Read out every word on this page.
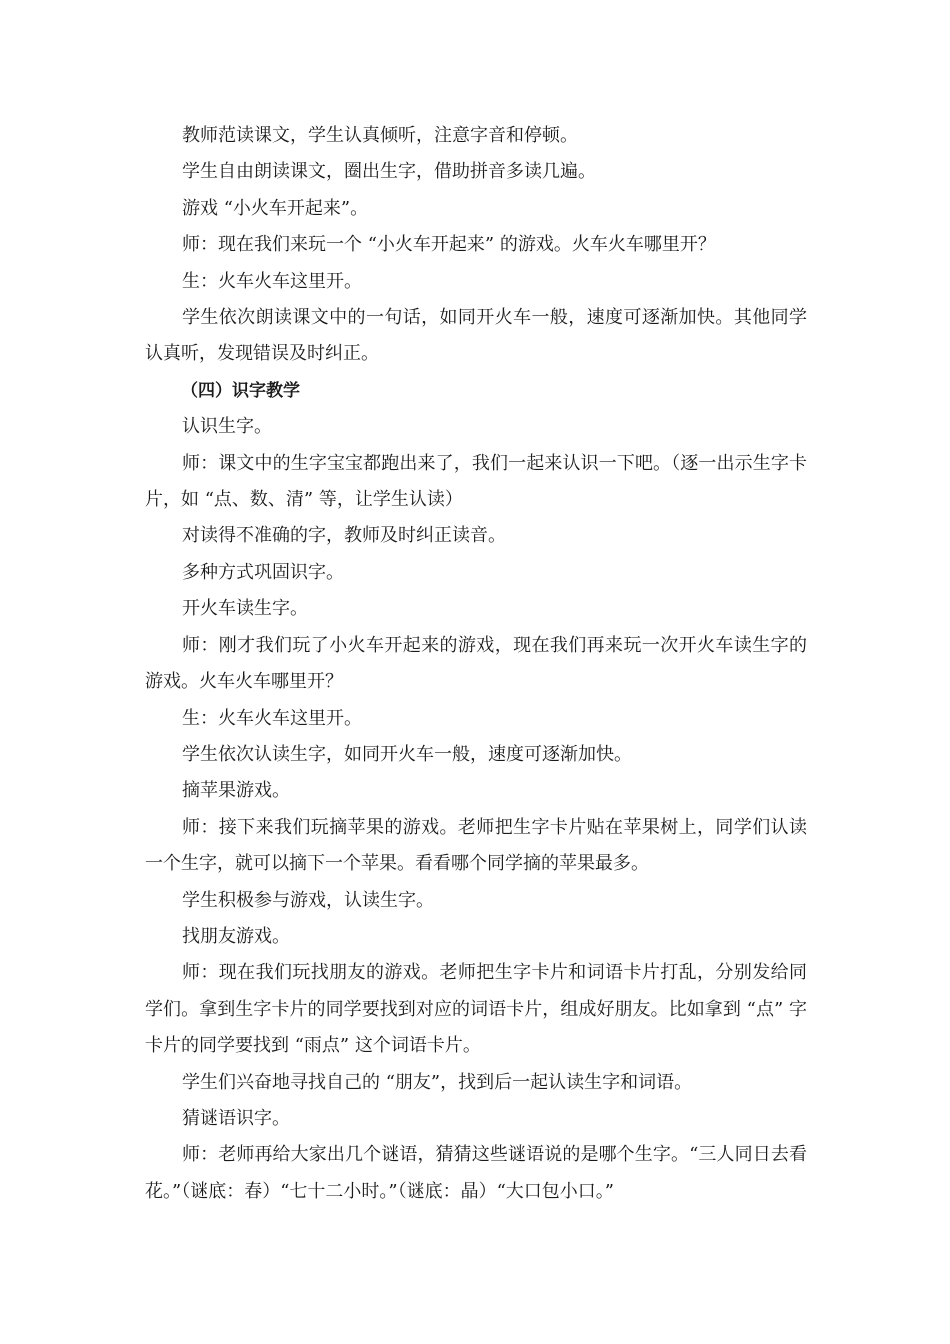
教师范读课文，学生认真倾听，注意字音和停顿。

学生自由朗读课文，圈出生字，借助拼音多读几遍。

游戏 “小火车开起来”。

师：现在我们来玩一个 “小火车开起来” 的游戏。火车火车哪里开？

生：火车火车这里开。

学生依次朗读课文中的一句话，如同开火车一般，速度可逐渐加快。其他同学认真听，发现错误及时纠正。

（四）识字教学

认识生字。

师：课文中的生字宝宝都跑出来了，我们一起来认识一下吧。（逐一出示生字卡片，如 “点、数、清” 等，让学生认读）

对读得不准确的字，教师及时纠正读音。

多种方式巩固识字。

开火车读生字。

师：刚才我们玩了小火车开起来的游戏，现在我们再来玩一次开火车读生字的游戏。火车火车哪里开？

生：火车火车这里开。

学生依次认读生字，如同开火车一般，速度可逐渐加快。

摘苹果游戏。

师：接下来我们玩摘苹果的游戏。老师把生字卡片贴在苹果树上，同学们认读一个生字，就可以摘下一个苹果。看看哪个同学摘的苹果最多。

学生积极参与游戏，认读生字。

找朋友游戏。

师：现在我们玩找朋友的游戏。老师把生字卡片和词语卡片打乱，分别发给同学们。拿到生字卡片的同学要找到对应的词语卡片，组成好朋友。比如拿到 “点” 字卡片的同学要找到 “雨点” 这个词语卡片。

学生们兴奋地寻找自己的 “朋友”，找到后一起认读生字和词语。

猜谜语识字。

师：老师再给大家出几个谜语，猜猜这些谜语说的是哪个生字。“三人同日去看花。”（谜底：春）“七十二小时。”（谜底：晶）“大口包小口。”
